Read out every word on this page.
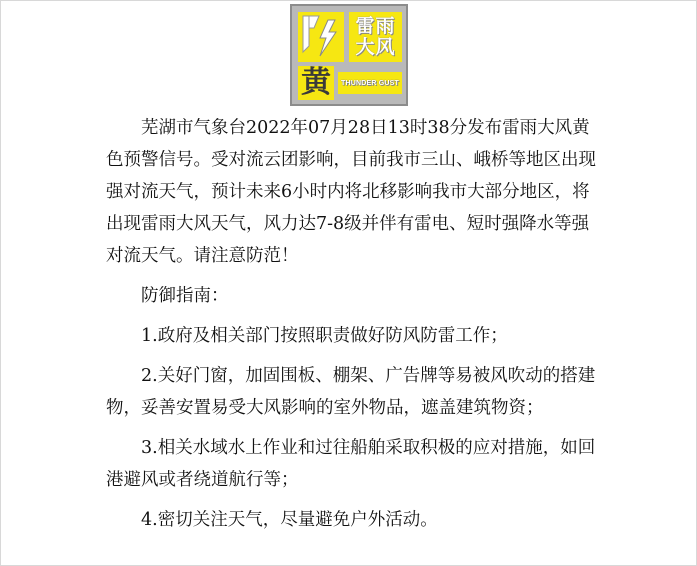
雷雨
大风
黄 THUNDER GUST

芜湖市气象台2022年07月28日13时38分发布雷雨大风黄色预警信号。受对流云团影响，目前我市三山、峨桥等地区出现强对流天气，预计未来6小时内将北移影响我市大部分地区，将出现雷雨大风天气，风力达7-8级并伴有雷电、短时强降水等强对流天气。请注意防范！

防御指南：

1.政府及相关部门按照职责做好防风防雷工作；

2.关好门窗，加固围板、棚架、广告牌等易被风吹动的搭建物，妥善安置易受大风影响的室外物品，遮盖建筑物资；

3.相关水域水上作业和过往船舶采取积极的应对措施，如回港避风或者绕道航行等；

4.密切关注天气，尽量避免户外活动。
